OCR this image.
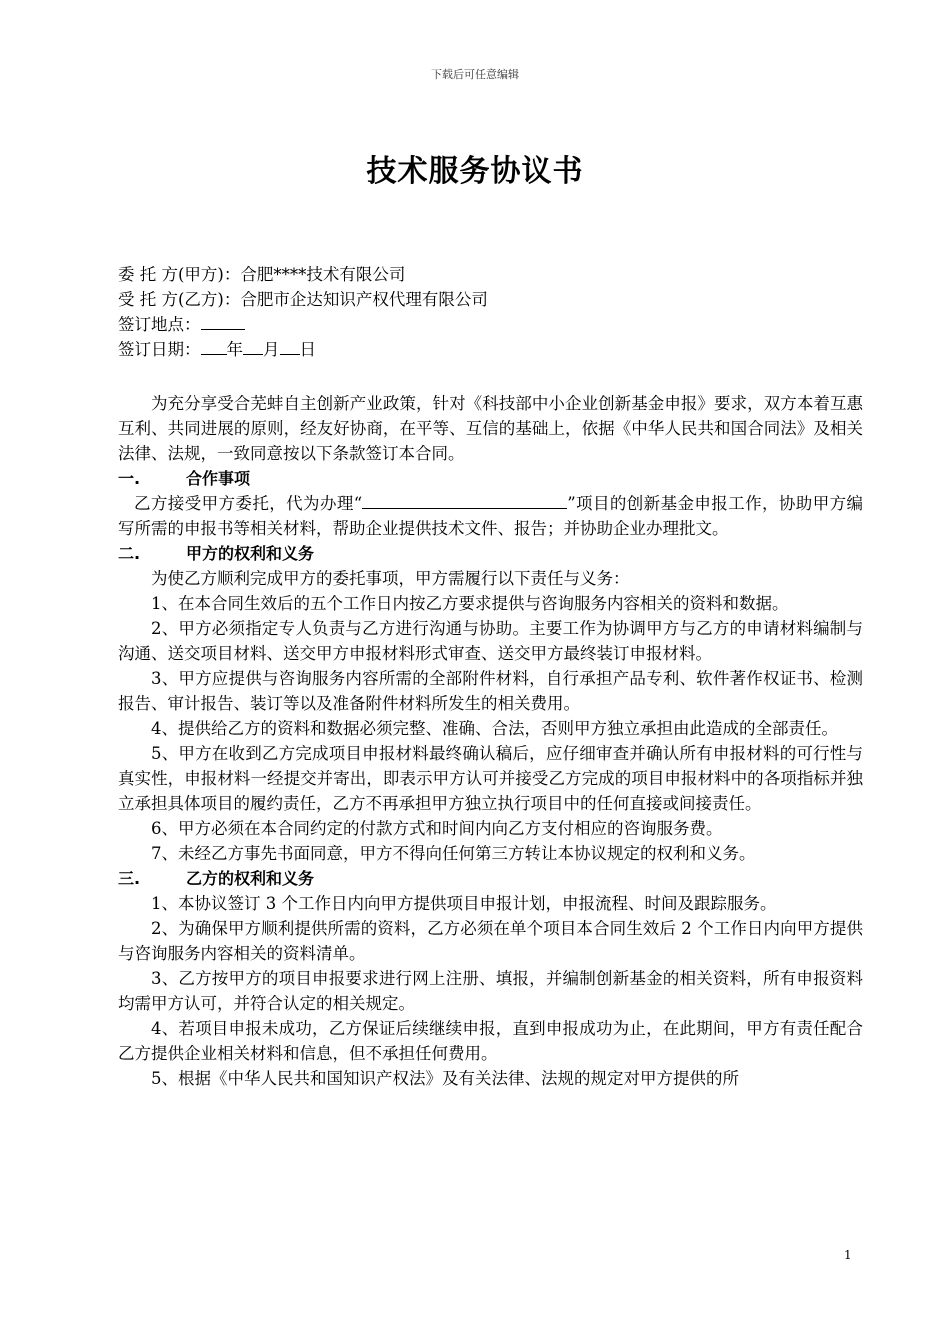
下载后可任意编辑
技术服务协议书

委 托 方(甲方)：合肥****技术有限公司

受 托 方(乙方)：合肥市企达知识产权代理有限公司

签订地点：

签订日期： 年 月 日

为充分享受合芜蚌自主创新产业政策，针对《科技部中小企业创新基金申报》要求，双方本着互惠互利、共同进展的原则，经友好协商，在平等、互信的基础上，依据《中华人民共和国合同法》及相关法律、法规，一致同意按以下条款签订本合同。

一.	合作事项

乙方接受甲方委托，代为办理“	”项目的创新基金申报工作，协助甲方编写所需的申报书等相关材料，帮助企业提供技术文件、报告；并协助企业办理批文。

二.	甲方的权利和义务

为使乙方顺利完成甲方的委托事项，甲方需履行以下责任与义务：

1、在本合同生效后的五个工作日内按乙方要求提供与咨询服务内容相关的资料和数据。

2、甲方必须指定专人负责与乙方进行沟通与协助。主要工作为协调甲方与乙方的申请材料编制与沟通、送交项目材料、送交甲方申报材料形式审查、送交甲方最终装订申报材料。

3、甲方应提供与咨询服务内容所需的全部附件材料，自行承担产品专利、软件著作权证书、检测报告、审计报告、装订等以及准备附件材料所发生的相关费用。

4、提供给乙方的资料和数据必须完整、准确、合法，否则甲方独立承担由此造成的全部责任。

5、甲方在收到乙方完成项目申报材料最终确认稿后，应仔细审查并确认所有申报材料的可行性与真实性，申报材料一经提交并寄出，即表示甲方认可并接受乙方完成的项目申报材料中的各项指标并独立承担具体项目的履约责任，乙方不再承担甲方独立执行项目中的任何直接或间接责任。

6、甲方必须在本合同约定的付款方式和时间内向乙方支付相应的咨询服务费。

7、未经乙方事先书面同意，甲方不得向任何第三方转让本协议规定的权利和义务。

三.	乙方的权利和义务

1、本协议签订 3 个工作日内向甲方提供项目申报计划，申报流程、时间及跟踪服务。

2、为确保甲方顺利提供所需的资料，乙方必须在单个项目本合同生效后 2 个工作日内向甲方提供与咨询服务内容相关的资料清单。

3、乙方按甲方的项目申报要求进行网上注册、填报，并编制创新基金的相关资料，所有申报资料均需甲方认可，并符合认定的相关规定。

4、若项目申报未成功，乙方保证后续继续申报，直到申报成功为止，在此期间，甲方有责任配合乙方提供企业相关材料和信息，但不承担任何费用。

5、根据《中华人民共和国知识产权法》及有关法律、法规的规定对甲方提供的所

1
